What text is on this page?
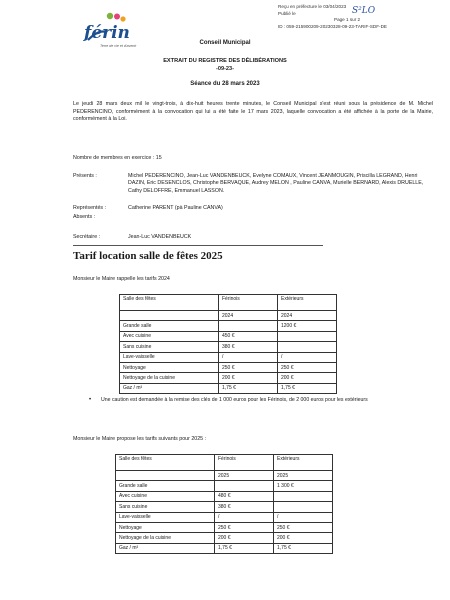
férin
Terre de vie et d'avenir
Reçu en préfecture le 03/04/2023
Publié le
Page 1 sur 2
ID : 059-215900209-20230328-09-23-TARIF-SDF-DE
S²LO
Conseil Municipal
EXTRAIT DU REGISTRE DES DÉLIBÉRATIONS
-09-23-
Séance du 28 mars 2023
Le jeudi 28 mars deux mil le vingt-trois, à dix-huit heures trente minutes, le Conseil Municipal s'est réuni sous la présidence de M. Michel PEDERENCINO, conformément à la convocation qui lui a été faite le 17 mars 2023, laquelle convocation a été affichée à la porte de la Mairie, conformément à la Loi.
Nombre de membres en exercice : 15
Présents :	Michel PEDERENCINO, Jean-Luc VANDENBEUCK, Evelyne COMAUX, Vincent JEANMOUGIN, Priscilla LEGRAND, Henri DAZIN, Eric DESENCLOS, Christophe BERVAQUE, Audrey MELON , Pauline CANVA, Murielle BERNARD, Alexis DRUELLE, Cathy DELOFFRE, Emmanuel LASSON.
Représentés :	Catherine PARENT (pà Pauline CANVA)
Absents :
Secrétaire :	Jean-Luc VANDENBEUCK
Tarif location salle de fêtes 2025
Monsieur le Maire rappelle les tarifs 2024
Salle des fêtes	Férinois	Extérieurs

	2024	2024
Grande salle		1200 €
Avec cuisine	450 €	
Sans cuisine	380 €	
Lave-vaisselle	/	/
Nettoyage	250 €	250 €
Nettoyage de la cuisine	200 €	200 €
Gaz / m³	1,75 €	1,75 €
• Une caution est demandée à la remise des clés de 1 000 euros pour les Férinois, de 2 000 euros pour les extérieurs
Monsieur le Maire propose les tarifs suivants pour 2025 :
Salle des fêtes	Férinois	Extérieurs

	2025	2025
Grande salle		1 300 €
Avec cuisine	480 €	
Sans cuisine	380 €	
Lave-vaisselle	/	/
Nettoyage	250 €	250 €
Nettoyage de la cuisine	200 €	200 €
Gaz / m³	1,75 €	1,75 €
